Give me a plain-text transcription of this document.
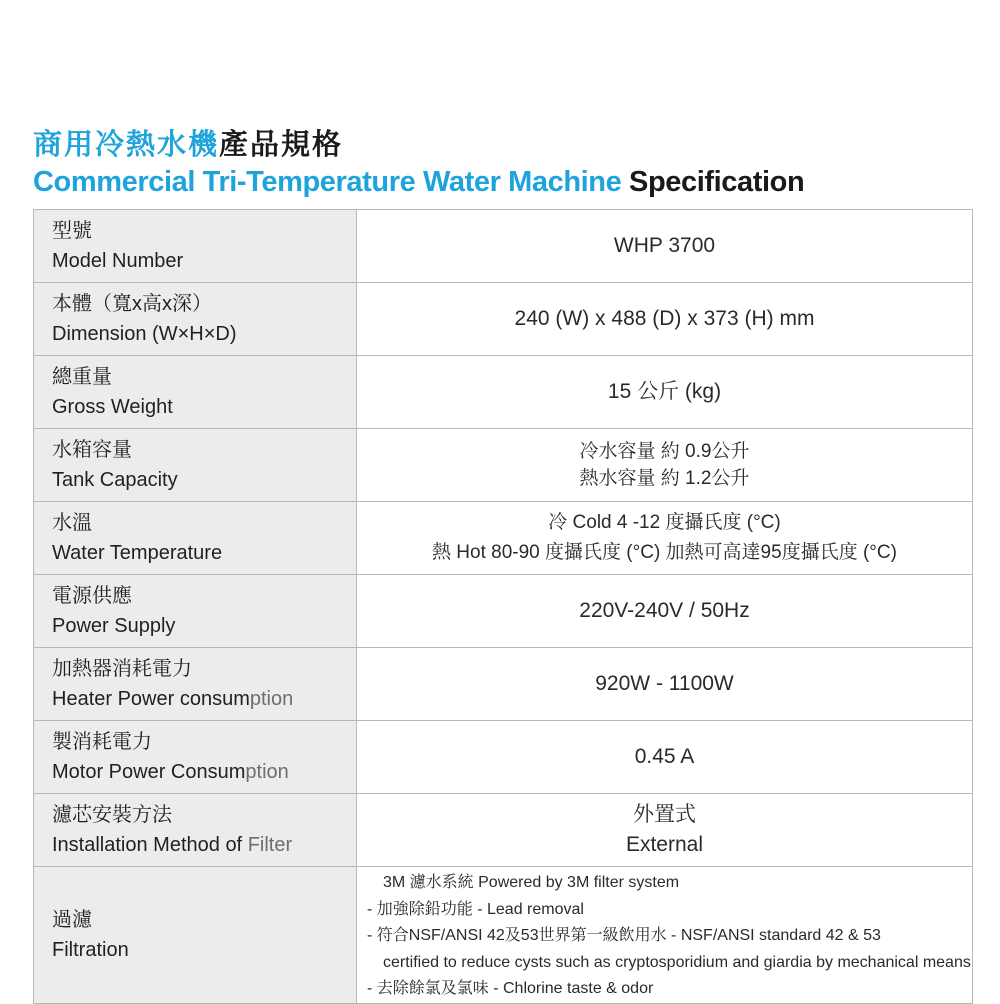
商用冷熱水機產品規格
Commercial Tri-Temperature Water Machine Specification
型號
Model Number	WHP 3700

本體（寬x高x深）
Dimension (W×H×D)	240 (W) x 488 (D) x 373 (H) mm

總重量
Gross Weight	15 公斤 (kg)

水箱容量
Tank Capacity	冷水容量 約 0.9公升
熱水容量 約 1.2公升

水溫
Water Temperature	冷 Cold 4 -12 度攝氏度 (°C)
熱 Hot 80-90 度攝氏度 (°C) 加熱可高達95度攝氏度 (°C)

電源供應
Power Supply	220V-240V / 50Hz

加熱器消耗電力
Heater Power consumption	920W - 1100W

製消耗電力
Motor Power Consumption	0.45 A

濾芯安裝方法
Installation Method of Filter	外置式
External

過濾
Filtration	3M 濾水系統 Powered by 3M filter system
- 加強除鉛功能 - Lead removal
- 符合NSF/ANSI 42及53世界第一級飲用水 - NSF/ANSI standard 42 & 53
certified to reduce cysts such as cryptosporidium and giardia by mechanical means
- 去除餘氯及氯味 - Chlorine taste & odor
